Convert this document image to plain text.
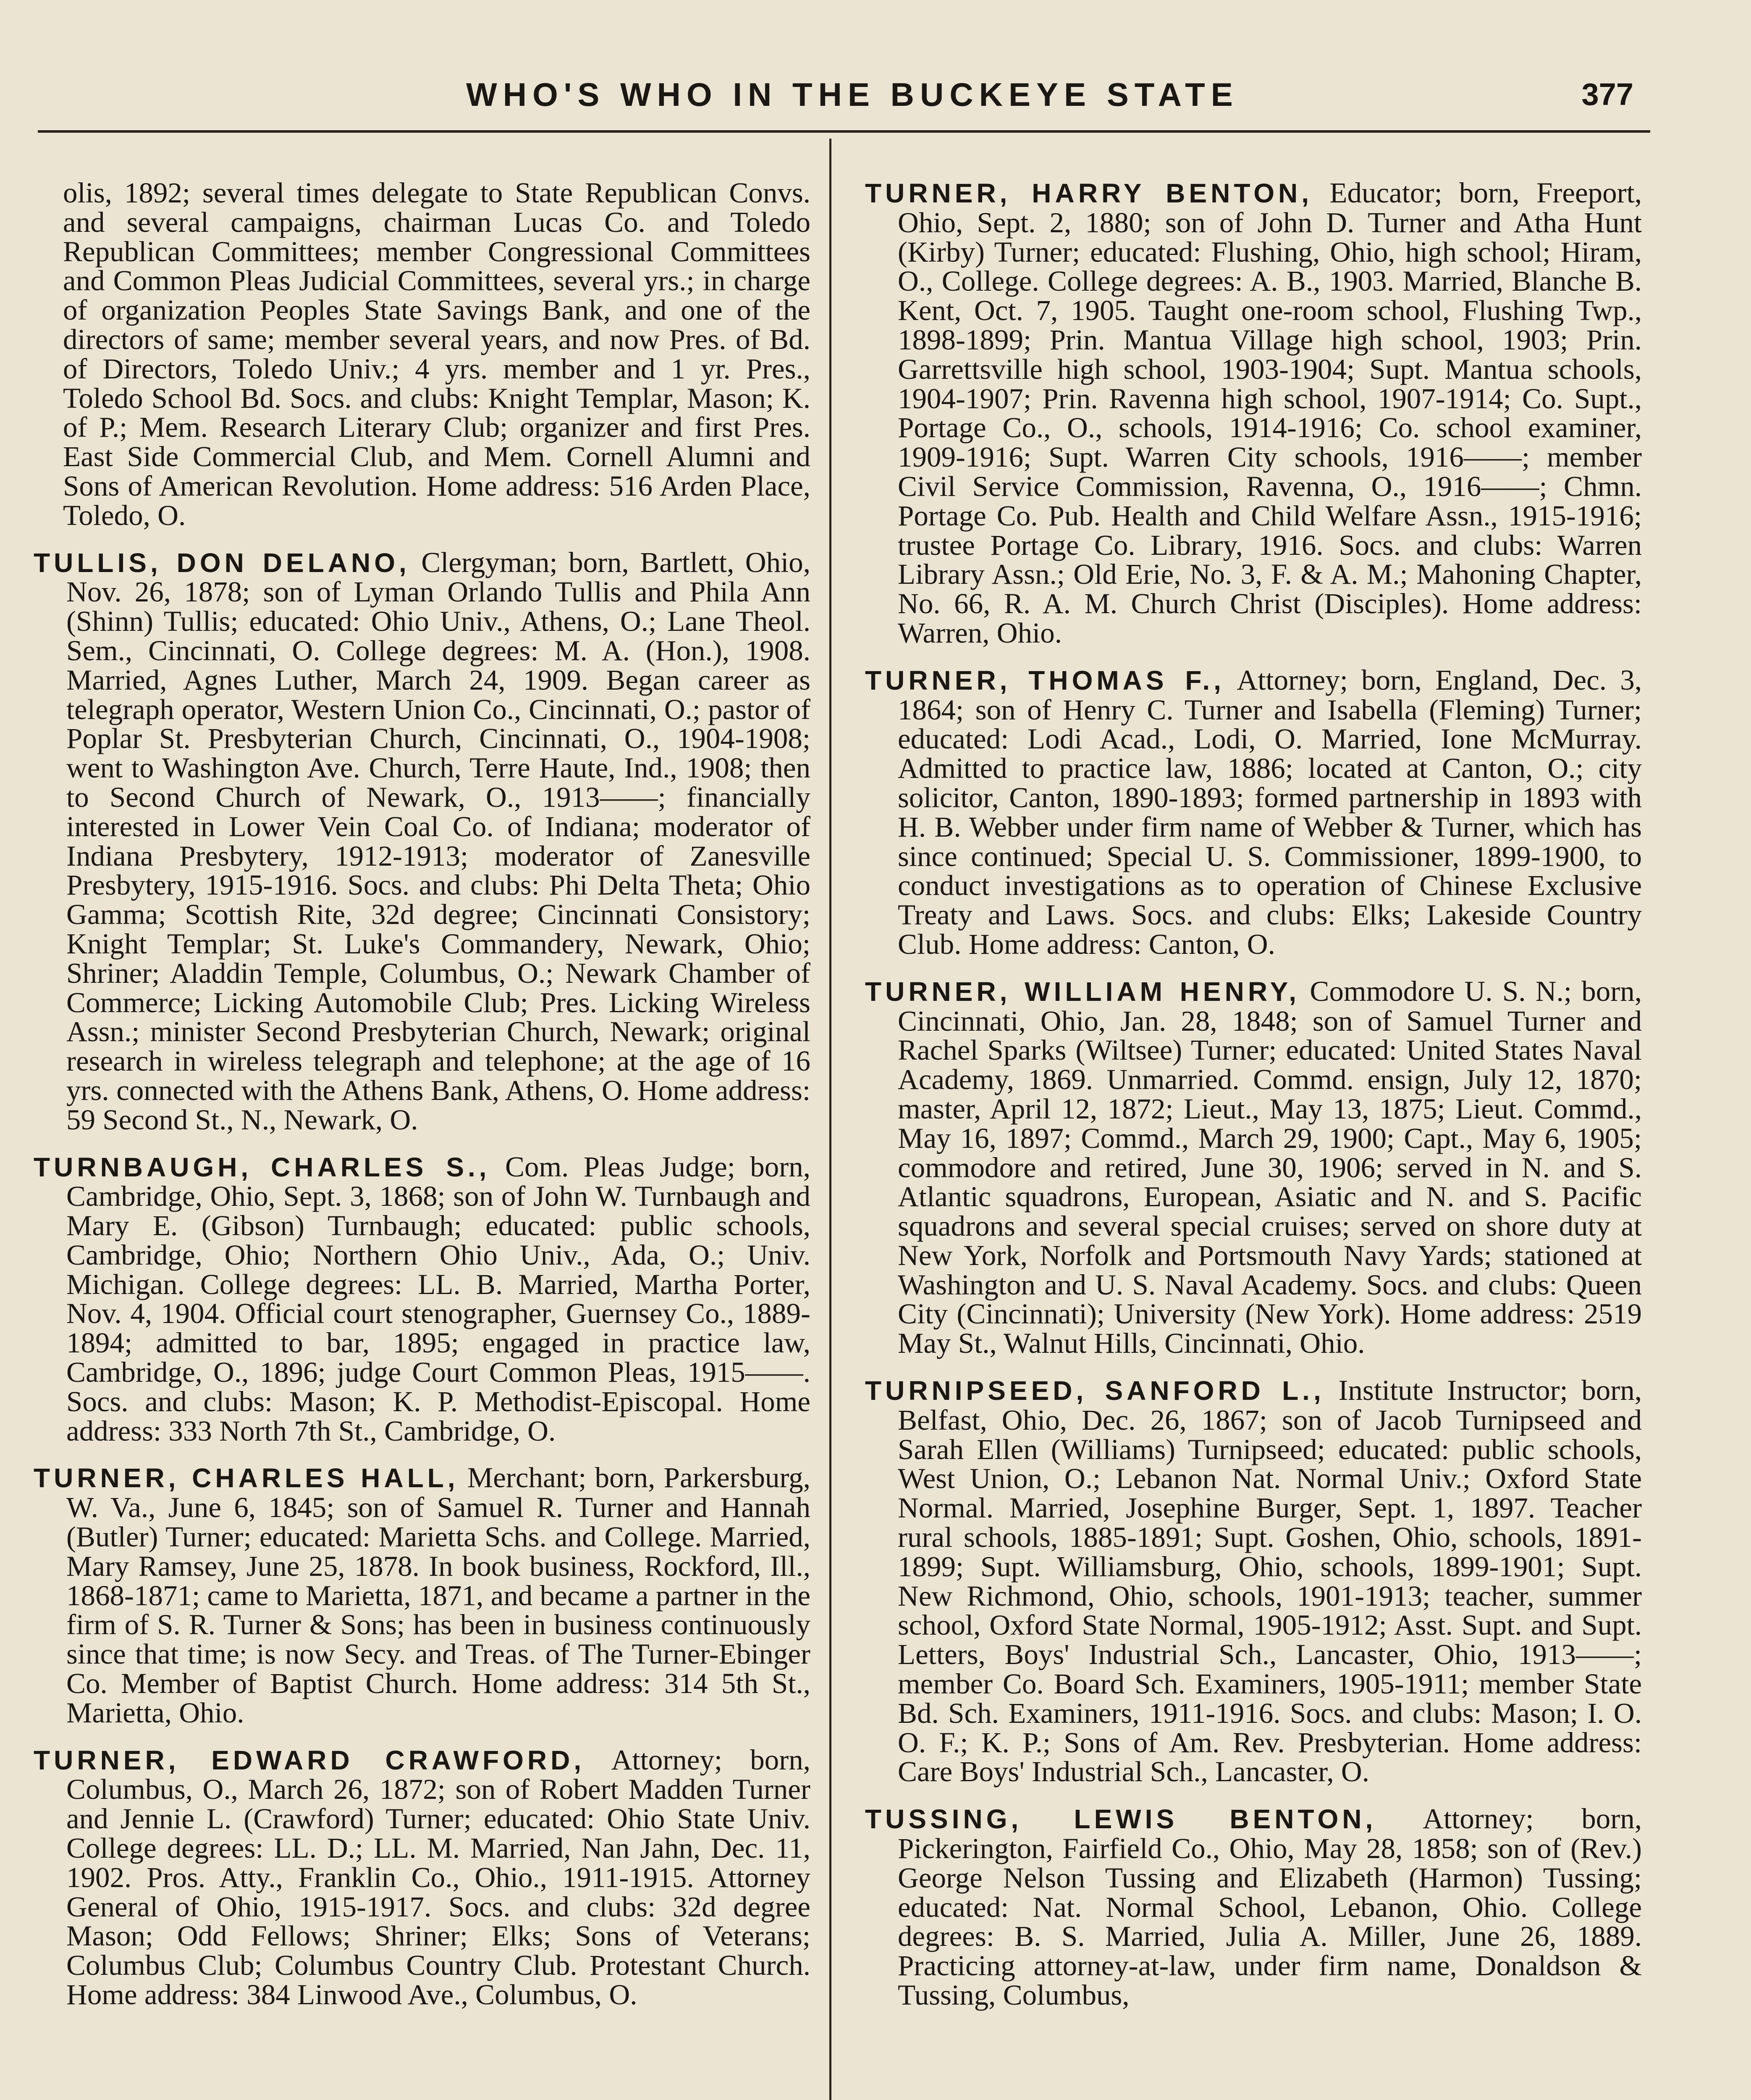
WHO'S WHO IN THE BUCKEYE STATE	377

olis, 1892; several times delegate to State Republican Convs. and several campaigns, chairman Lucas Co. and Toledo Republican Committees; member Congressional Committees and Common Pleas Judicial Committees, several yrs.; in charge of organization Peoples State Savings Bank, and one of the directors of same; member several years, and now Pres. of Bd. of Directors, Toledo Univ.; 4 yrs. member and 1 yr. Pres., Toledo School Bd. Socs. and clubs: Knight Templar, Mason; K. of P.; Mem. Research Literary Club; organizer and first Pres. East Side Commercial Club, and Mem. Cornell Alumni and Sons of American Revolution. Home address: 516 Arden Place, Toledo, O.

TULLIS, DON DELANO, Clergyman; born, Bartlett, Ohio, Nov. 26, 1878; son of Lyman Orlando Tullis and Phila Ann (Shinn) Tullis; educated: Ohio Univ., Athens, O.; Lane Theol. Sem., Cincinnati, O. College degrees: M. A. (Hon.), 1908. Married, Agnes Luther, March 24, 1909. Began career as telegraph operator, Western Union Co., Cincinnati, O.; pastor of Poplar St. Presbyterian Church, Cincinnati, O., 1904-1908; went to Washington Ave. Church, Terre Haute, Ind., 1908; then to Second Church of Newark, O., 1913——; financially interested in Lower Vein Coal Co. of Indiana; moderator of Indiana Presbytery, 1912-1913; moderator of Zanesville Presbytery, 1915-1916. Socs. and clubs: Phi Delta Theta; Ohio Gamma; Scottish Rite, 32d degree; Cincinnati Consistory; Knight Templar; St. Luke's Commandery, Newark, Ohio; Shriner; Aladdin Temple, Columbus, O.; Newark Chamber of Commerce; Licking Automobile Club; Pres. Licking Wireless Assn.; minister Second Presbyterian Church, Newark; original research in wireless telegraph and telephone; at the age of 16 yrs. connected with the Athens Bank, Athens, O. Home address: 59 Second St., N., Newark, O.

TURNBAUGH, CHARLES S., Com. Pleas Judge; born, Cambridge, Ohio, Sept. 3, 1868; son of John W. Turnbaugh and Mary E. (Gibson) Turnbaugh; educated: public schools, Cambridge, Ohio; Northern Ohio Univ., Ada, O.; Univ. Michigan. College degrees: LL. B. Married, Martha Porter, Nov. 4, 1904. Official court stenographer, Guernsey Co., 1889-1894; admitted to bar, 1895; engaged in practice law, Cambridge, O., 1896; judge Court Common Pleas, 1915——. Socs. and clubs: Mason; K. P. Methodist-Episcopal. Home address: 333 North 7th St., Cambridge, O.

TURNER, CHARLES HALL, Merchant; born, Parkersburg, W. Va., June 6, 1845; son of Samuel R. Turner and Hannah (Butler) Turner; educated: Marietta Schs. and College. Married, Mary Ramsey, June 25, 1878. In book business, Rockford, Ill., 1868-1871; came to Marietta, 1871, and became a partner in the firm of S. R. Turner & Sons; has been in business continuously since that time; is now Secy. and Treas. of The Turner-Ebinger Co. Member of Baptist Church. Home address: 314 5th St., Marietta, Ohio.

TURNER, EDWARD CRAWFORD, Attorney; born, Columbus, O., March 26, 1872; son of Robert Madden Turner and Jennie L. (Crawford) Turner; educated: Ohio State Univ. College degrees: LL. D.; LL. M. Married, Nan Jahn, Dec. 11, 1902. Pros. Atty., Franklin Co., Ohio., 1911-1915. Attorney General of Ohio, 1915-1917. Socs. and clubs: 32d degree Mason; Odd Fellows; Shriner; Elks; Sons of Veterans; Columbus Club; Columbus Country Club. Protestant Church. Home address: 384 Linwood Ave., Columbus, O.

TURNER, HARRY BENTON, Educator; born, Freeport, Ohio, Sept. 2, 1880; son of John D. Turner and Atha Hunt (Kirby) Turner; educated: Flushing, Ohio, high school; Hiram, O., College. College degrees: A. B., 1903. Married, Blanche B. Kent, Oct. 7, 1905. Taught one-room school, Flushing Twp., 1898-1899; Prin. Mantua Village high school, 1903; Prin. Garrettsville high school, 1903-1904; Supt. Mantua schools, 1904-1907; Prin. Ravenna high school, 1907-1914; Co. Supt., Portage Co., O., schools, 1914-1916; Co. school examiner, 1909-1916; Supt. Warren City schools, 1916——; member Civil Service Commission, Ravenna, O., 1916——; Chmn. Portage Co. Pub. Health and Child Welfare Assn., 1915-1916; trustee Portage Co. Library, 1916. Socs. and clubs: Warren Library Assn.; Old Erie, No. 3, F. & A. M.; Mahoning Chapter, No. 66, R. A. M. Church Christ (Disciples). Home address: Warren, Ohio.

TURNER, THOMAS F., Attorney; born, England, Dec. 3, 1864; son of Henry C. Turner and Isabella (Fleming) Turner; educated: Lodi Acad., Lodi, O. Married, Ione McMurray. Admitted to practice law, 1886; located at Canton, O.; city solicitor, Canton, 1890-1893; formed partnership in 1893 with H. B. Webber under firm name of Webber & Turner, which has since continued; Special U. S. Commissioner, 1899-1900, to conduct investigations as to operation of Chinese Exclusive Treaty and Laws. Socs. and clubs: Elks; Lakeside Country Club. Home address: Canton, O.

TURNER, WILLIAM HENRY, Commodore U. S. N.; born, Cincinnati, Ohio, Jan. 28, 1848; son of Samuel Turner and Rachel Sparks (Wiltsee) Turner; educated: United States Naval Academy, 1869. Unmarried. Commd. ensign, July 12, 1870; master, April 12, 1872; Lieut., May 13, 1875; Lieut. Commd., May 16, 1897; Commd., March 29, 1900; Capt., May 6, 1905; commodore and retired, June 30, 1906; served in N. and S. Atlantic squadrons, European, Asiatic and N. and S. Pacific squadrons and several special cruises; served on shore duty at New York, Norfolk and Portsmouth Navy Yards; stationed at Washington and U. S. Naval Academy. Socs. and clubs: Queen City (Cincinnati); University (New York). Home address: 2519 May St., Walnut Hills, Cincinnati, Ohio.

TURNIPSEED, SANFORD L., Institute Instructor; born, Belfast, Ohio, Dec. 26, 1867; son of Jacob Turnipseed and Sarah Ellen (Williams) Turnipseed; educated: public schools, West Union, O.; Lebanon Nat. Normal Univ.; Oxford State Normal. Married, Josephine Burger, Sept. 1, 1897. Teacher rural schools, 1885-1891; Supt. Goshen, Ohio, schools, 1891-1899; Supt. Williamsburg, Ohio, schools, 1899-1901; Supt. New Richmond, Ohio, schools, 1901-1913; teacher, summer school, Oxford State Normal, 1905-1912; Asst. Supt. and Supt. Letters, Boys' Industrial Sch., Lancaster, Ohio, 1913——; member Co. Board Sch. Examiners, 1905-1911; member State Bd. Sch. Examiners, 1911-1916. Socs. and clubs: Mason; I. O. O. F.; K. P.; Sons of Am. Rev. Presbyterian. Home address: Care Boys' Industrial Sch., Lancaster, O.

TUSSING, LEWIS BENTON, Attorney; born, Pickerington, Fairfield Co., Ohio, May 28, 1858; son of (Rev.) George Nelson Tussing and Elizabeth (Harmon) Tussing; educated: Nat. Normal School, Lebanon, Ohio. College degrees: B. S. Married, Julia A. Miller, June 26, 1889. Practicing attorney-at-law, under firm name, Donaldson & Tussing, Columbus,
